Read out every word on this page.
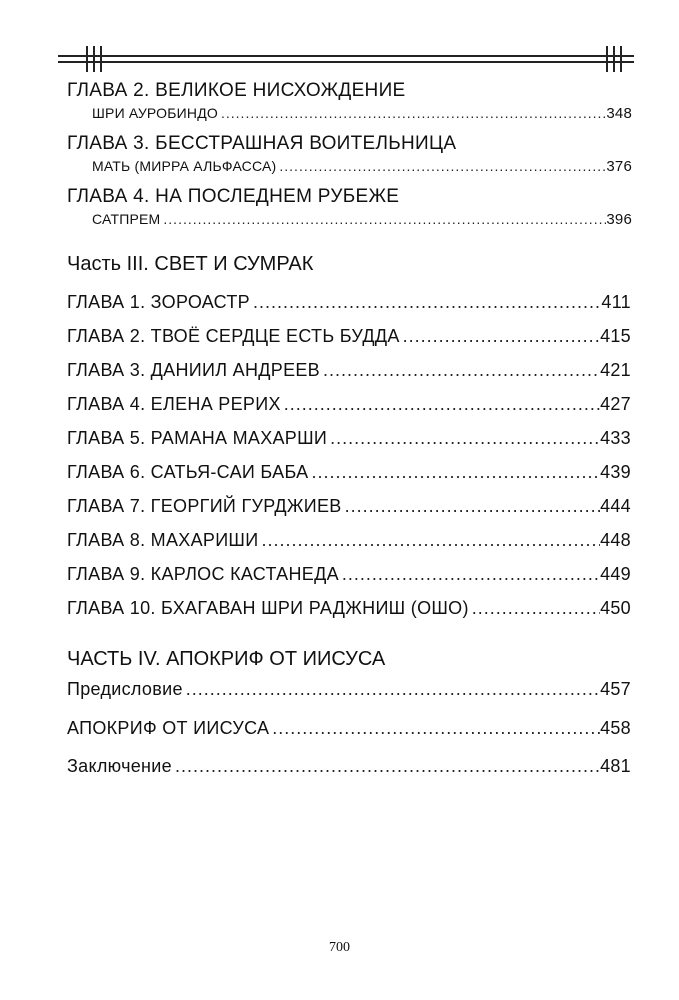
ГЛАВА 2. ВЕЛИКОЕ НИСХОЖДЕНИЕ
ШРИ АУРОБИНДО .....	348
ГЛАВА 3. БЕССТРАШНАЯ ВОИТЕЛЬНИЦА
МАТЬ (МИРРА АЛЬФАССА) .....	376
ГЛАВА 4. НА ПОСЛЕДНЕМ РУБЕЖЕ
САТПРЕМ .....	396
Часть III. СВЕТ И СУМРАК
ГЛАВА 1. ЗОРОАСТР .....	411
ГЛАВА 2. ТВОЁ СЕРДЦЕ ЕСТЬ БУДДА .....	415
ГЛАВА 3. ДАНИИЛ АНДРЕЕВ .....	421
ГЛАВА 4. ЕЛЕНА РЕРИХ .....	427
ГЛАВА 5. РАМАНА МАХАРШИ .....	433
ГЛАВА 6. САТЬЯ-САИ БАБА .....	439
ГЛАВА 7. ГЕОРГИЙ ГУРДЖИЕВ .....	444
ГЛАВА 8. МАХАРИШИ .....	448
ГЛАВА 9. КАРЛОС КАСТАНЕДА .....	449
ГЛАВА 10. БХАГАВАН ШРИ РАДЖНИШ (ОШО) .....	450
ЧАСТЬ IV. АПОКРИФ ОТ ИИСУСА
Предисловие .....	457
АПОКРИФ ОТ ИИСУСА .....	458
Заключение .....	481
700
